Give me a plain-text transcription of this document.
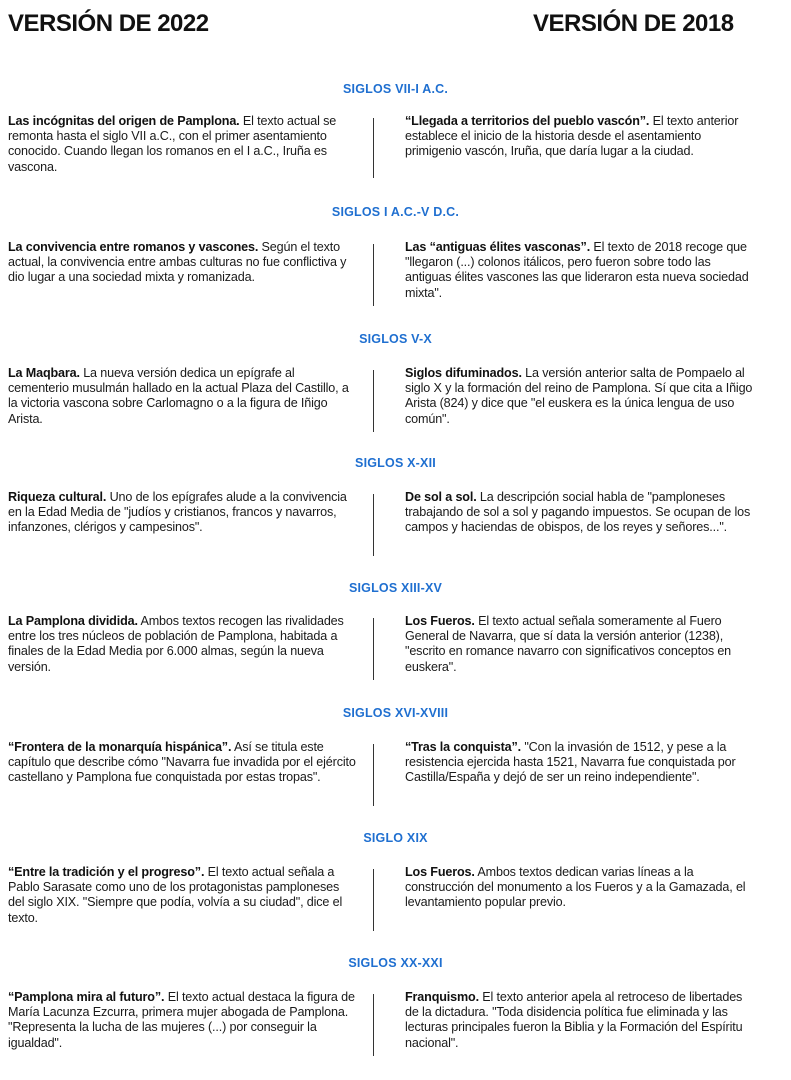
VERSIÓN DE 2022	VERSIÓN DE 2018
SIGLOS VII-I A.C.
Las incógnitas del origen de Pamplona. El texto actual se remonta hasta el siglo VII a.C., con el primer asentamiento conocido. Cuando llegan los romanos en el I a.C., Iruña es vascona.
“Llegada a territorios del pueblo vascón”. El texto anterior establece el inicio de la historia desde el asentamiento primigenio vascón, Iruña, que daría lugar a la ciudad.
SIGLOS I A.C.-V D.C.
La convivencia entre romanos y vascones. Según el texto actual, la convivencia entre ambas culturas no fue conflictiva y dio lugar a una sociedad mixta y romanizada.
Las “antiguas élites vasconas”. El texto de 2018 recoge que "llegaron (...) colonos itálicos, pero fueron sobre todo las antiguas élites vascones las que lideraron esta nueva sociedad mixta".
SIGLOS V-X
La Maqbara. La nueva versión dedica un epígrafe al cementerio musulmán hallado en la actual Plaza del Castillo, a la victoria vascona sobre Carlomagno o a la figura de Iñigo Arista.
Siglos difuminados. La versión anterior salta de Pompaelo al siglo X y la formación del reino de Pamplona. Sí que cita a Iñigo Arista (824) y dice que "el euskera es la única lengua de uso común".
SIGLOS X-XII
Riqueza cultural. Uno de los epígrafes alude a la convivencia en la Edad Media de "judíos y cristianos, francos y navarros, infanzones, clérigos y campesinos".
De sol a sol. La descripción social habla de "pamploneses trabajando de sol a sol y pagando impuestos. Se ocupan de los campos y haciendas de obispos, de los reyes y señores...".
SIGLOS XIII-XV
La Pamplona dividida. Ambos textos recogen las rivalidades entre los tres núcleos de población de Pamplona, habitada a finales de la Edad Media por 6.000 almas, según la nueva versión.
Los Fueros. El texto actual señala someramente al Fuero General de Navarra, que sí data la versión anterior (1238), "escrito en romance navarro con significativos conceptos en euskera".
SIGLOS XVI-XVIII
“Frontera de la monarquía hispánica”. Así se titula este capítulo que describe cómo "Navarra fue invadida por el ejército castellano y Pamplona fue conquistada por estas tropas".
“Tras la conquista”. "Con la invasión de 1512, y pese a la resistencia ejercida hasta 1521, Navarra fue conquistada por Castilla/España y dejó de ser un reino independiente".
SIGLO XIX
“Entre la tradición y el progreso”. El texto actual señala a Pablo Sarasate como uno de los protagonistas pamploneses del siglo XIX. "Siempre que podía, volvía a su ciudad", dice el texto.
Los Fueros. Ambos textos dedican varias líneas a la construcción del monumento a los Fueros y a la Gamazada, el levantamiento popular previo.
SIGLOS XX-XXI
“Pamplona mira al futuro”. El texto actual destaca la figura de María Lacunza Ezcurra, primera mujer abogada de Pamplona. "Representa la lucha de las mujeres (...) por conseguir la igualdad".
Franquismo. El texto anterior apela al retroceso de libertades de la dictadura. "Toda disidencia política fue eliminada y las lecturas principales fueron la Biblia y la Formación del Espíritu nacional".
